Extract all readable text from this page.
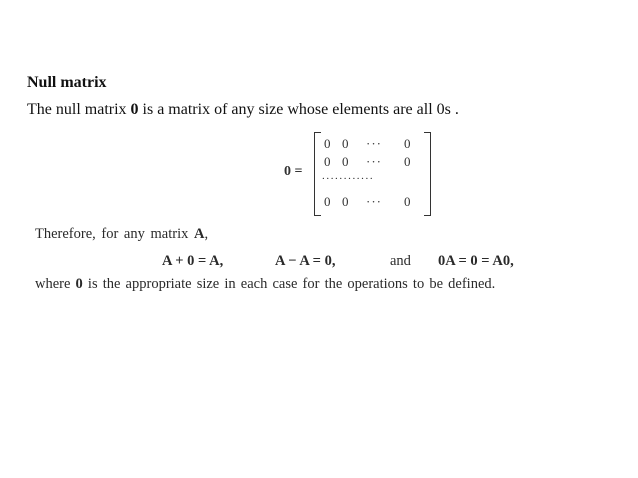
Null matrix
The null matrix 0 is a matrix of any size whose elements are all 0s .
0 =
0 0 ··· 0
0 0 ··· 0
............
0 0 ··· 0
Therefore, for any matrix A,
A + 0 = A,	A − A = 0,	and 0A = 0 = A0,
where 0 is the appropriate size in each case for the operations to be defined.
